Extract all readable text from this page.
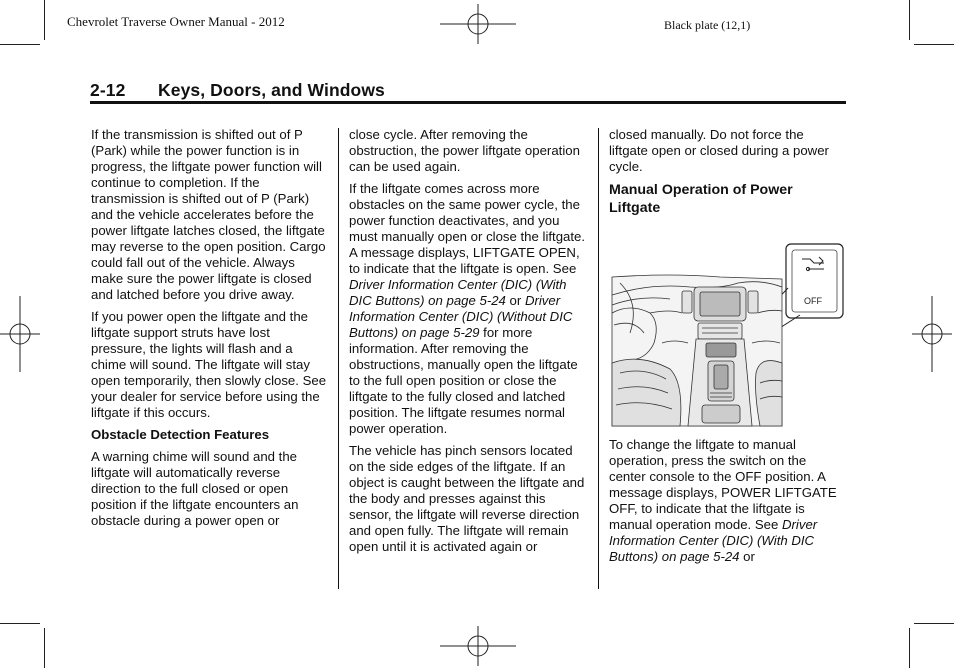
Chevrolet Traverse Owner Manual - 2012	Black plate (12,1)
2-12 Keys, Doors, and Windows

If the transmission is shifted out of P (Park) while the power function is in progress, the liftgate power function will continue to completion. If the transmission is shifted out of P (Park) and the vehicle accelerates before the power liftgate latches closed, the liftgate may reverse to the open position. Cargo could fall out of the vehicle. Always make sure the power liftgate is closed and latched before you drive away.

If you power open the liftgate and the liftgate support struts have lost pressure, the lights will flash and a chime will sound. The liftgate will stay open temporarily, then slowly close. See your dealer for service before using the liftgate if this occurs.

Obstacle Detection Features

A warning chime will sound and the liftgate will automatically reverse direction to the full closed or open position if the liftgate encounters an obstacle during a power open or

close cycle. After removing the obstruction, the power liftgate operation can be used again.

If the liftgate comes across more obstacles on the same power cycle, the power function deactivates, and you must manually open or close the liftgate. A message displays, LIFTGATE OPEN, to indicate that the liftgate is open. See Driver Information Center (DIC) (With DIC Buttons) on page 5-24 or Driver Information Center (DIC) (Without DIC Buttons) on page 5-29 for more information. After removing the obstructions, manually open the liftgate to the full open position or close the liftgate to the fully closed and latched position. The liftgate resumes normal power operation.

The vehicle has pinch sensors located on the side edges of the liftgate. If an object is caught between the liftgate and the body and presses against this sensor, the liftgate will reverse direction and open fully. The liftgate will remain open until it is activated again or

closed manually. Do not force the liftgate open or closed during a power cycle.

Manual Operation of Power Liftgate

OFF

To change the liftgate to manual operation, press the switch on the center console to the OFF position. A message displays, POWER LIFTGATE OFF, to indicate that the liftgate is manual operation mode. See Driver Information Center (DIC) (With DIC Buttons) on page 5-24 or
